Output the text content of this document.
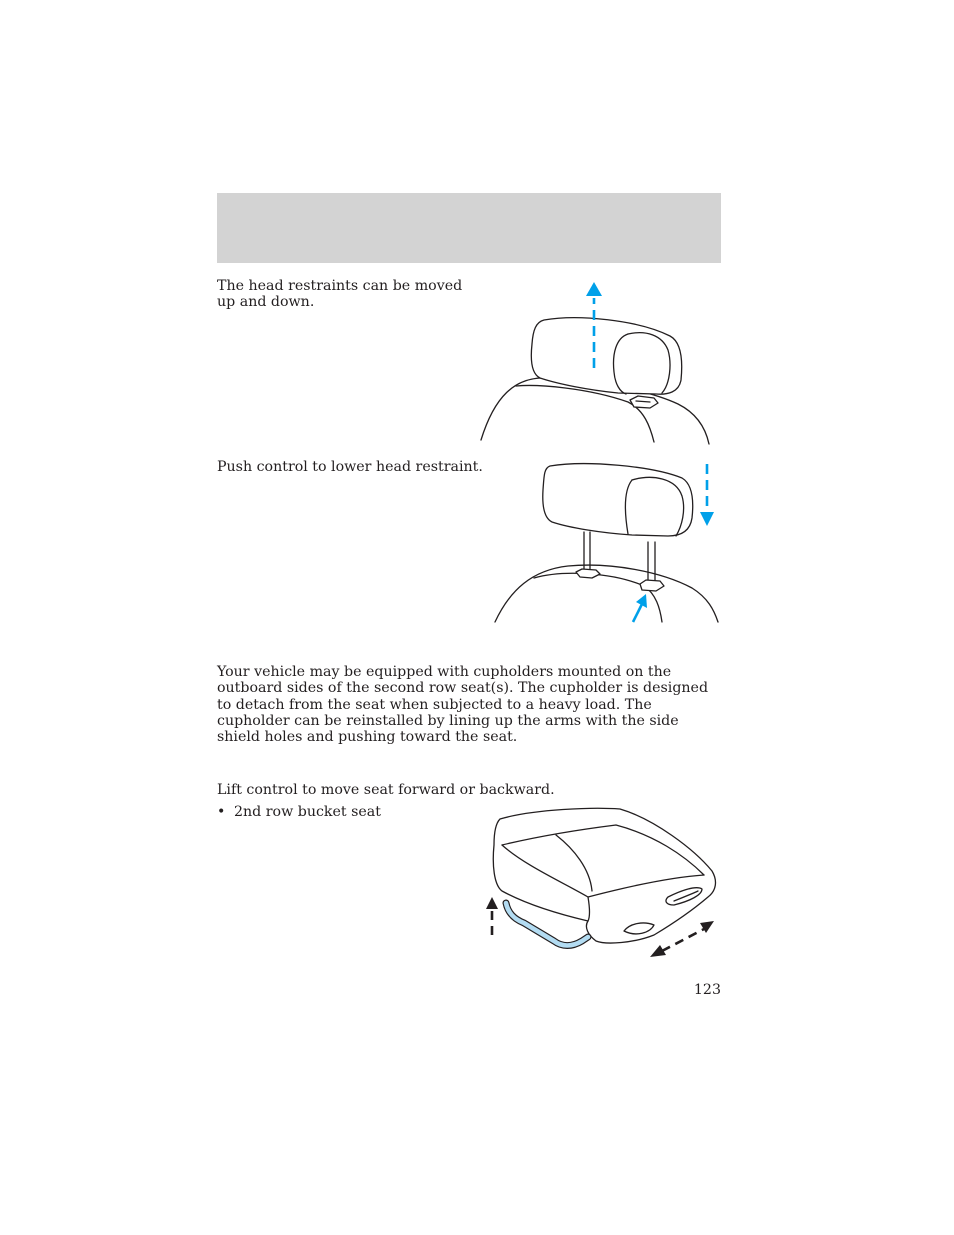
The head restraints can be moved up and down.

Push control to lower head restraint.

Your vehicle may be equipped with cupholders mounted on the outboard sides of the second row seat(s). The cupholder is designed to detach from the seat when subjected to a heavy load. The cupholder can be reinstalled by lining up the arms with the side shield holes and pushing toward the seat.

Lift control to move seat forward or backward.

• 2nd row bucket seat
123
